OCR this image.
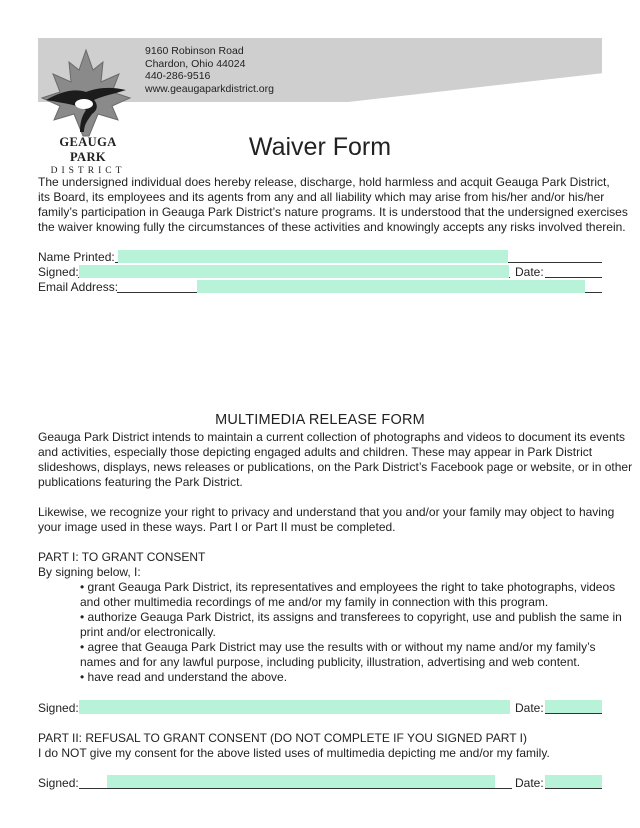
GEAUGA PARK
DISTRICT
9160 Robinson Road
Chardon, Ohio 44024
440-286-9516
www.geaugaparkdistrict.org
Waiver Form
The undersigned individual does hereby release, discharge, hold harmless and acquit Geauga Park District,
its Board, its employees and its agents from any and all liability which may arise from his/her and/or his/her
family’s participation in Geauga Park District’s nature programs. It is understood that the undersigned exercises
the waiver knowing fully the circumstances of these activities and knowingly accepts any risks involved therein.
Name Printed:
Signed:	Date:
Email Address:
MULTIMEDIA RELEASE FORM
Geauga Park District intends to maintain a current collection of photographs and videos to document its events
and activities, especially those depicting engaged adults and children. These may appear in Park District
slideshows, displays, news releases or publications, on the Park District’s Facebook page or website, or in other
publications featuring the Park District.
Likewise, we recognize your right to privacy and understand that you and/or your family may object to having
your image used in these ways. Part I or Part II must be completed.
PART I: TO GRANT CONSENT
By signing below, I:
• grant Geauga Park District, its representatives and employees the right to take photographs, videos
and other multimedia recordings of me and/or my family in connection with this program.
• authorize Geauga Park District, its assigns and transferees to copyright, use and publish the same in
print and/or electronically.
• agree that Geauga Park District may use the results with or without my name and/or my family’s
names and for any lawful purpose, including publicity, illustration, advertising and web content.
• have read and understand the above.
Signed:	Date:
PART II: REFUSAL TO GRANT CONSENT (DO NOT COMPLETE IF YOU SIGNED PART I)
I do NOT give my consent for the above listed uses of multimedia depicting me and/or my family.
Signed:	Date:
